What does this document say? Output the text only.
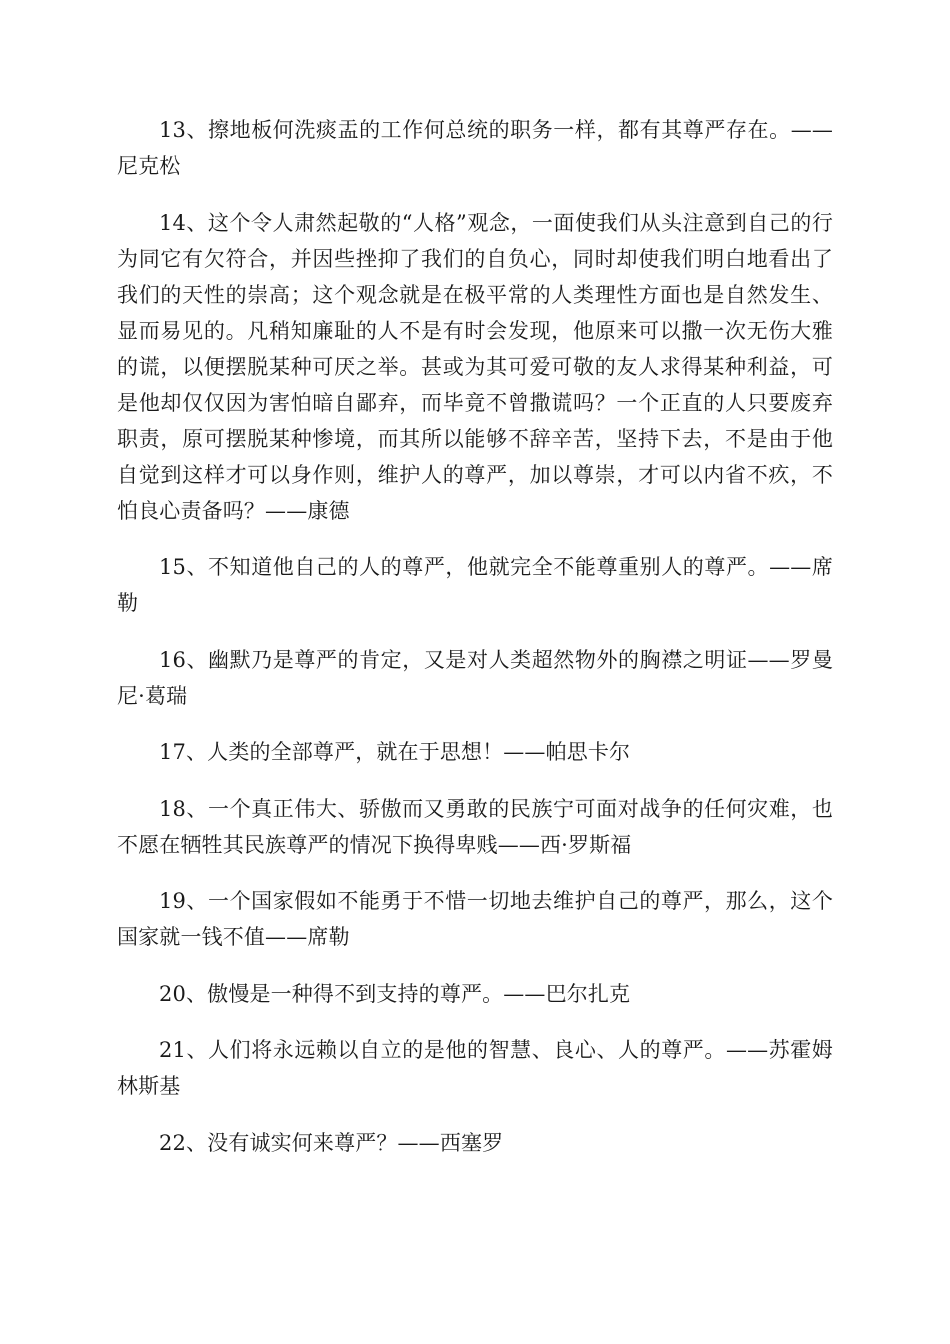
13、擦地板何洗痰盂的工作何总统的职务一样，都有其尊严存在。——尼克松

14、这个令人肃然起敬的“人格”观念，一面使我们从头注意到自己的行为同它有欠符合，并因些挫抑了我们的自负心，同时却使我们明白地看出了我们的天性的崇高；这个观念就是在极平常的人类理性方面也是自然发生、显而易见的。凡稍知廉耻的人不是有时会发现，他原来可以撒一次无伤大雅的谎，以便摆脱某种可厌之举。甚或为其可爱可敬的友人求得某种利益，可是他却仅仅因为害怕暗自鄙弃，而毕竟不曾撒谎吗？一个正直的人只要废弃职责，原可摆脱某种惨境，而其所以能够不辞辛苦，坚持下去，不是由于他自觉到这样才可以身作则，维护人的尊严，加以尊崇，才可以内省不疚，不怕良心责备吗？——康德

15、不知道他自己的人的尊严，他就完全不能尊重别人的尊严。——席勒

16、幽默乃是尊严的肯定，又是对人类超然物外的胸襟之明证——罗曼尼·葛瑞

17、人类的全部尊严，就在于思想！——帕思卡尔

18、一个真正伟大、骄傲而又勇敢的民族宁可面对战争的任何灾难，也不愿在牺牲其民族尊严的情况下换得卑贱——西·罗斯福

19、一个国家假如不能勇于不惜一切地去维护自己的尊严，那么，这个国家就一钱不值——席勒

20、傲慢是一种得不到支持的尊严。——巴尔扎克

21、人们将永远赖以自立的是他的智慧、良心、人的尊严。——苏霍姆林斯基

22、没有诚实何来尊严？——西塞罗
